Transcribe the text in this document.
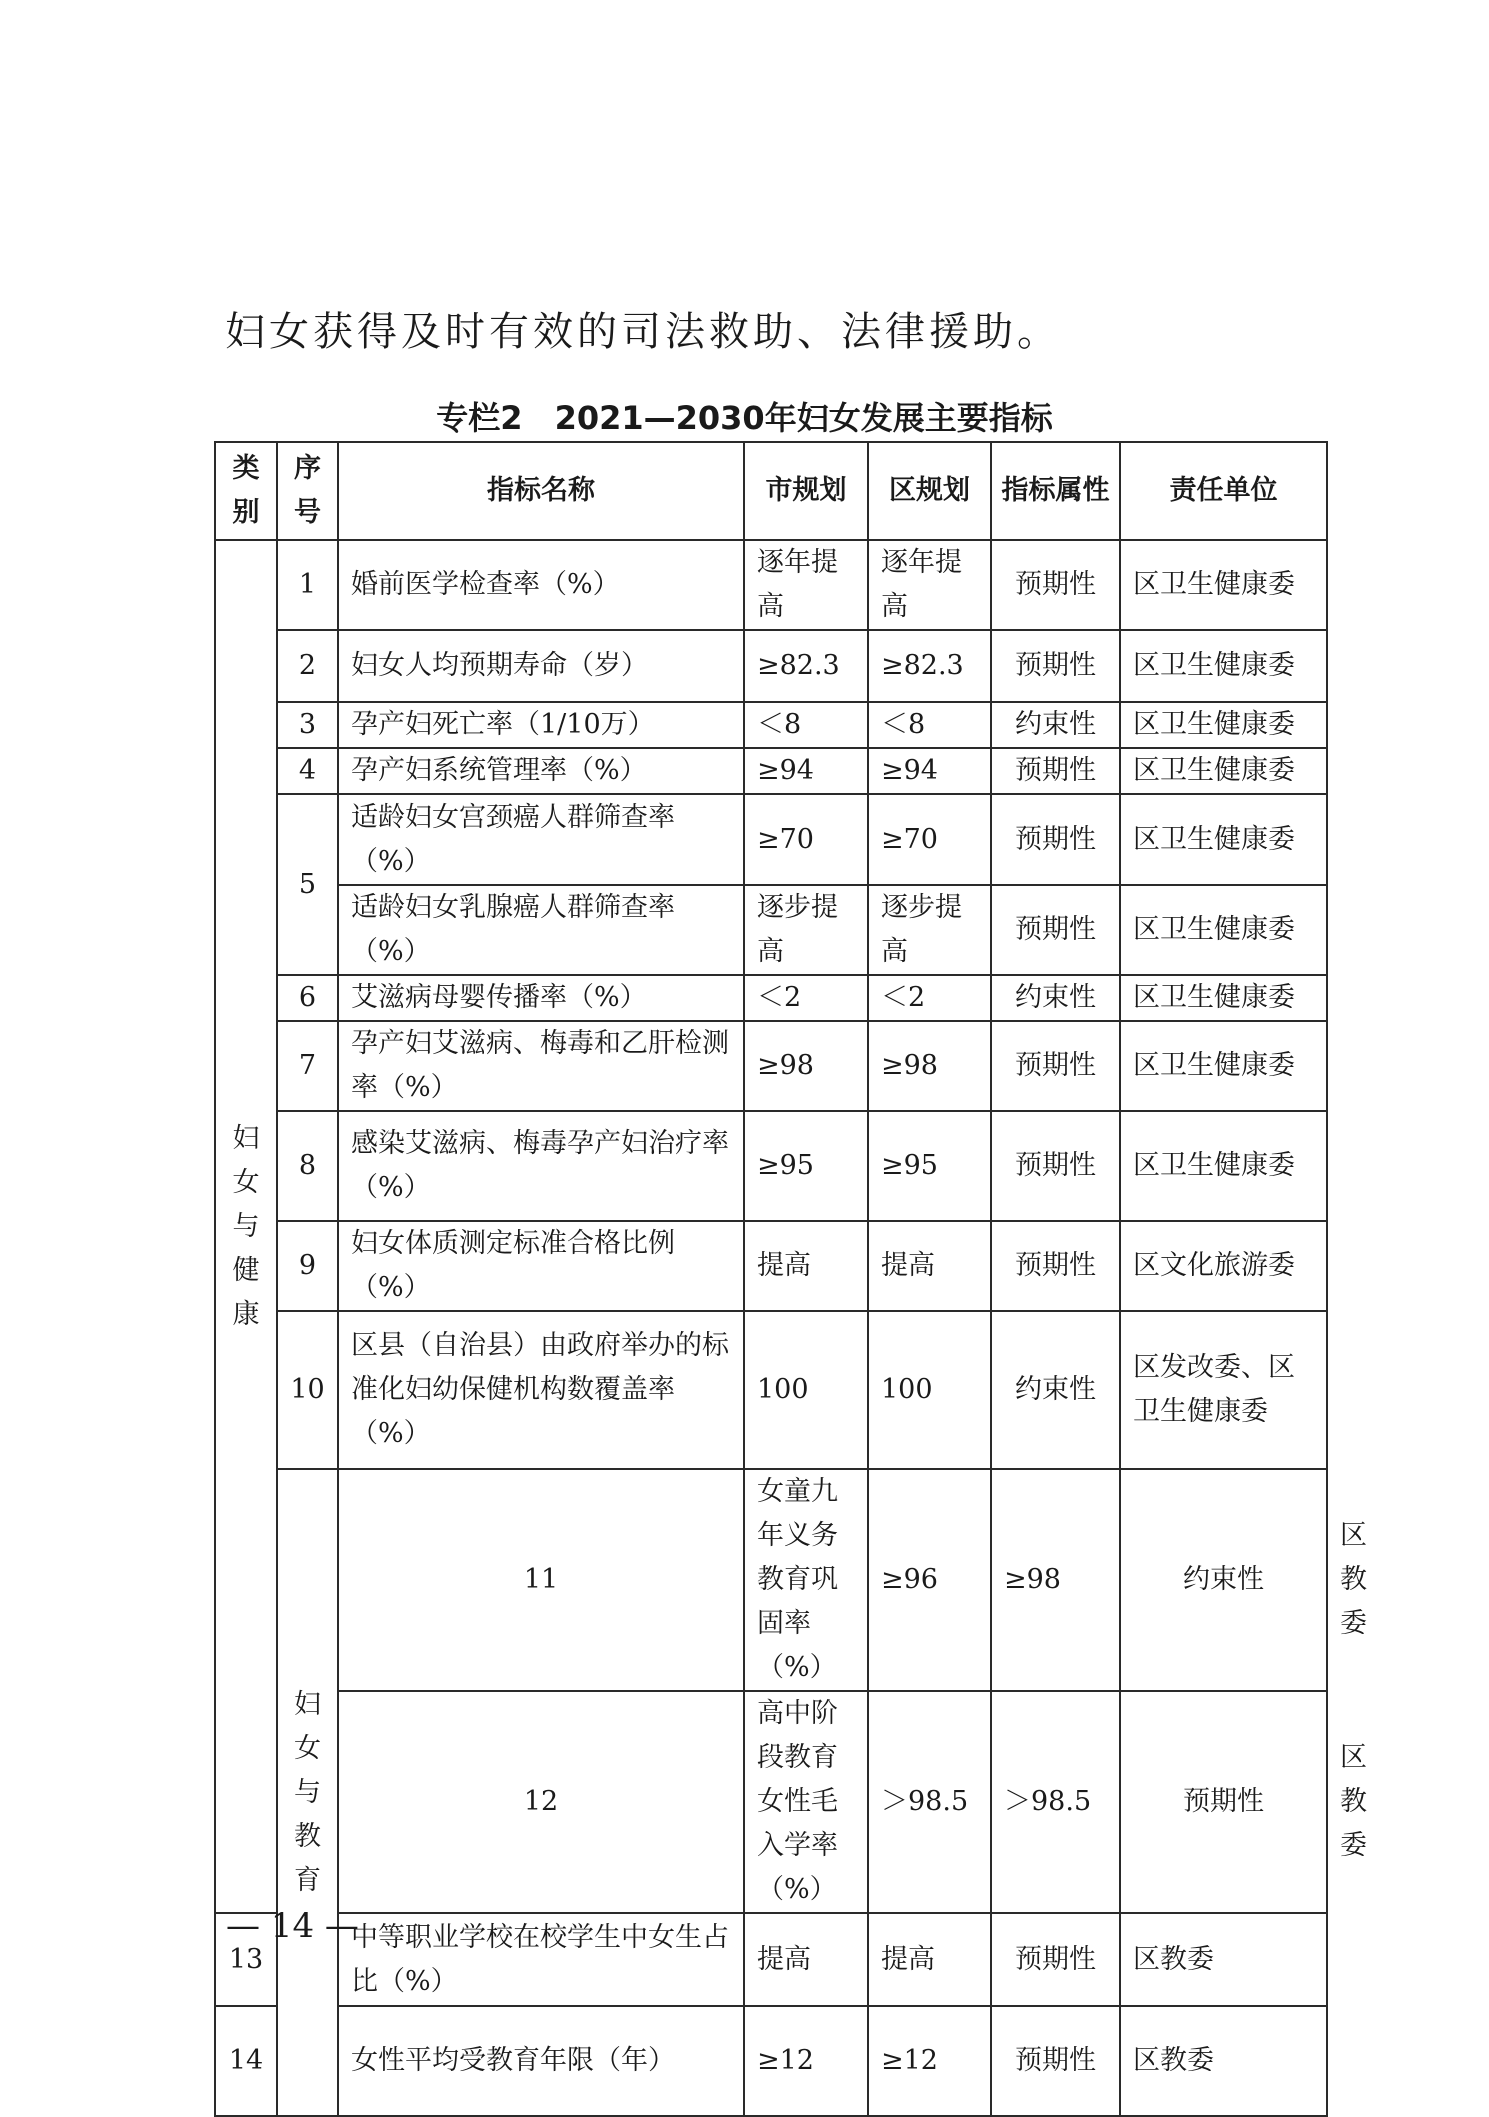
妇女获得及时有效的司法救助、法律援助。
专栏2　2021—2030年妇女发展主要指标
类别	序号	指标名称	市规划	区规划	指标属性	责任单位	
妇女与健康	1	婚前医学检查率（%）	逐年提高	逐年提高	预期性	区卫生健康委	
	2	妇女人均预期寿命（岁）	≥82.3	≥82.3	预期性	区卫生健康委	
	3	孕产妇死亡率（1/10万）	＜8	＜8	约束性	区卫生健康委	
	4	孕产妇系统管理率（%）	≥94	≥94	预期性	区卫生健康委	
	5	适龄妇女宫颈癌人群筛查率（%）	≥70	≥70	预期性	区卫生健康委	
		适龄妇女乳腺癌人群筛查率（%）	逐步提高	逐步提高	预期性	区卫生健康委	
	6	艾滋病母婴传播率（%）	＜2	＜2	约束性	区卫生健康委	
	7	孕产妇艾滋病、梅毒和乙肝检测率（%）	≥98	≥98	预期性	区卫生健康委	
	8	感染艾滋病、梅毒孕产妇治疗率（%）	≥95	≥95	预期性	区卫生健康委	
	9	妇女体质测定标准合格比例（%）	提高	提高	预期性	区文化旅游委	
	10	区县（自治县）由政府举办的标准化妇幼保健机构数覆盖率（%）	100	100	约束性	区发改委、区卫生健康委	
	妇女与教育	11	女童九年义务教育巩固率（%）	≥96	≥98	约束性	区教委
		12	高中阶段教育女性毛入学率（%）	＞98.5	＞98.5	预期性	区教委
13		中等职业学校在校学生中女生占比（%）	提高	提高	预期性	区教委	
14		女性平均受教育年限（年）	≥12	≥12	预期性	区教委	
— 14 —
